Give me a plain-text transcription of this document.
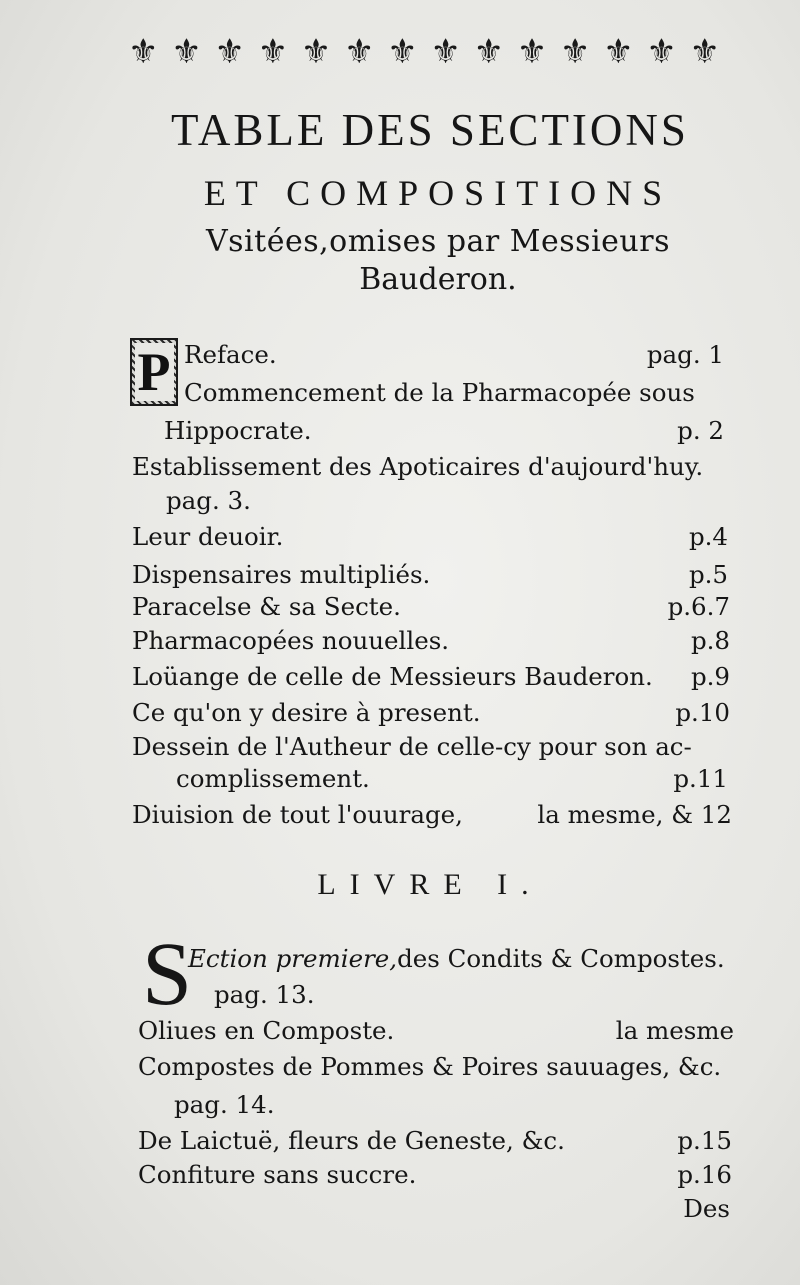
⚜ ⚜ ⚜ ⚜ ⚜ ⚜ ⚜ ⚜ ⚜ ⚜ ⚜ ⚜ ⚜ ⚜
TABLE DES SECTIONS
ET COMPOSITIONS
Vsitées,omises par Messieurs
Bauderon.
P Reface.	pag. 1
Commencement de la Pharmacopée sous
Hippocrate.	p. 2
Establissement des Apoticaires d'aujourd'huy.
pag. 3.
Leur deuoir.	p.4
Dispensaires multipliés.	p.5
Paracelse & sa Secte.	p.6.7
Pharmacopées nouuelles.	p.8
Loüange de celle de Messieurs Bauderon. p.9
Ce qu'on y desire à present.	p.10
Dessein de l'Autheur de celle-cy pour son ac-
complissement.	p.11
Diuision de tout l'ouurage,	la mesme, & 12
LIVRE I.
S
Ection premiere,des Condits & Compostes.
pag. 13.
Oliues en Composte.	la mesme
Compostes de Pommes & Poires sauuages, &c.
pag. 14.
De Laictuë, fleurs de Geneste, &c.	p.15
Confiture sans succre.	p.16
Des
